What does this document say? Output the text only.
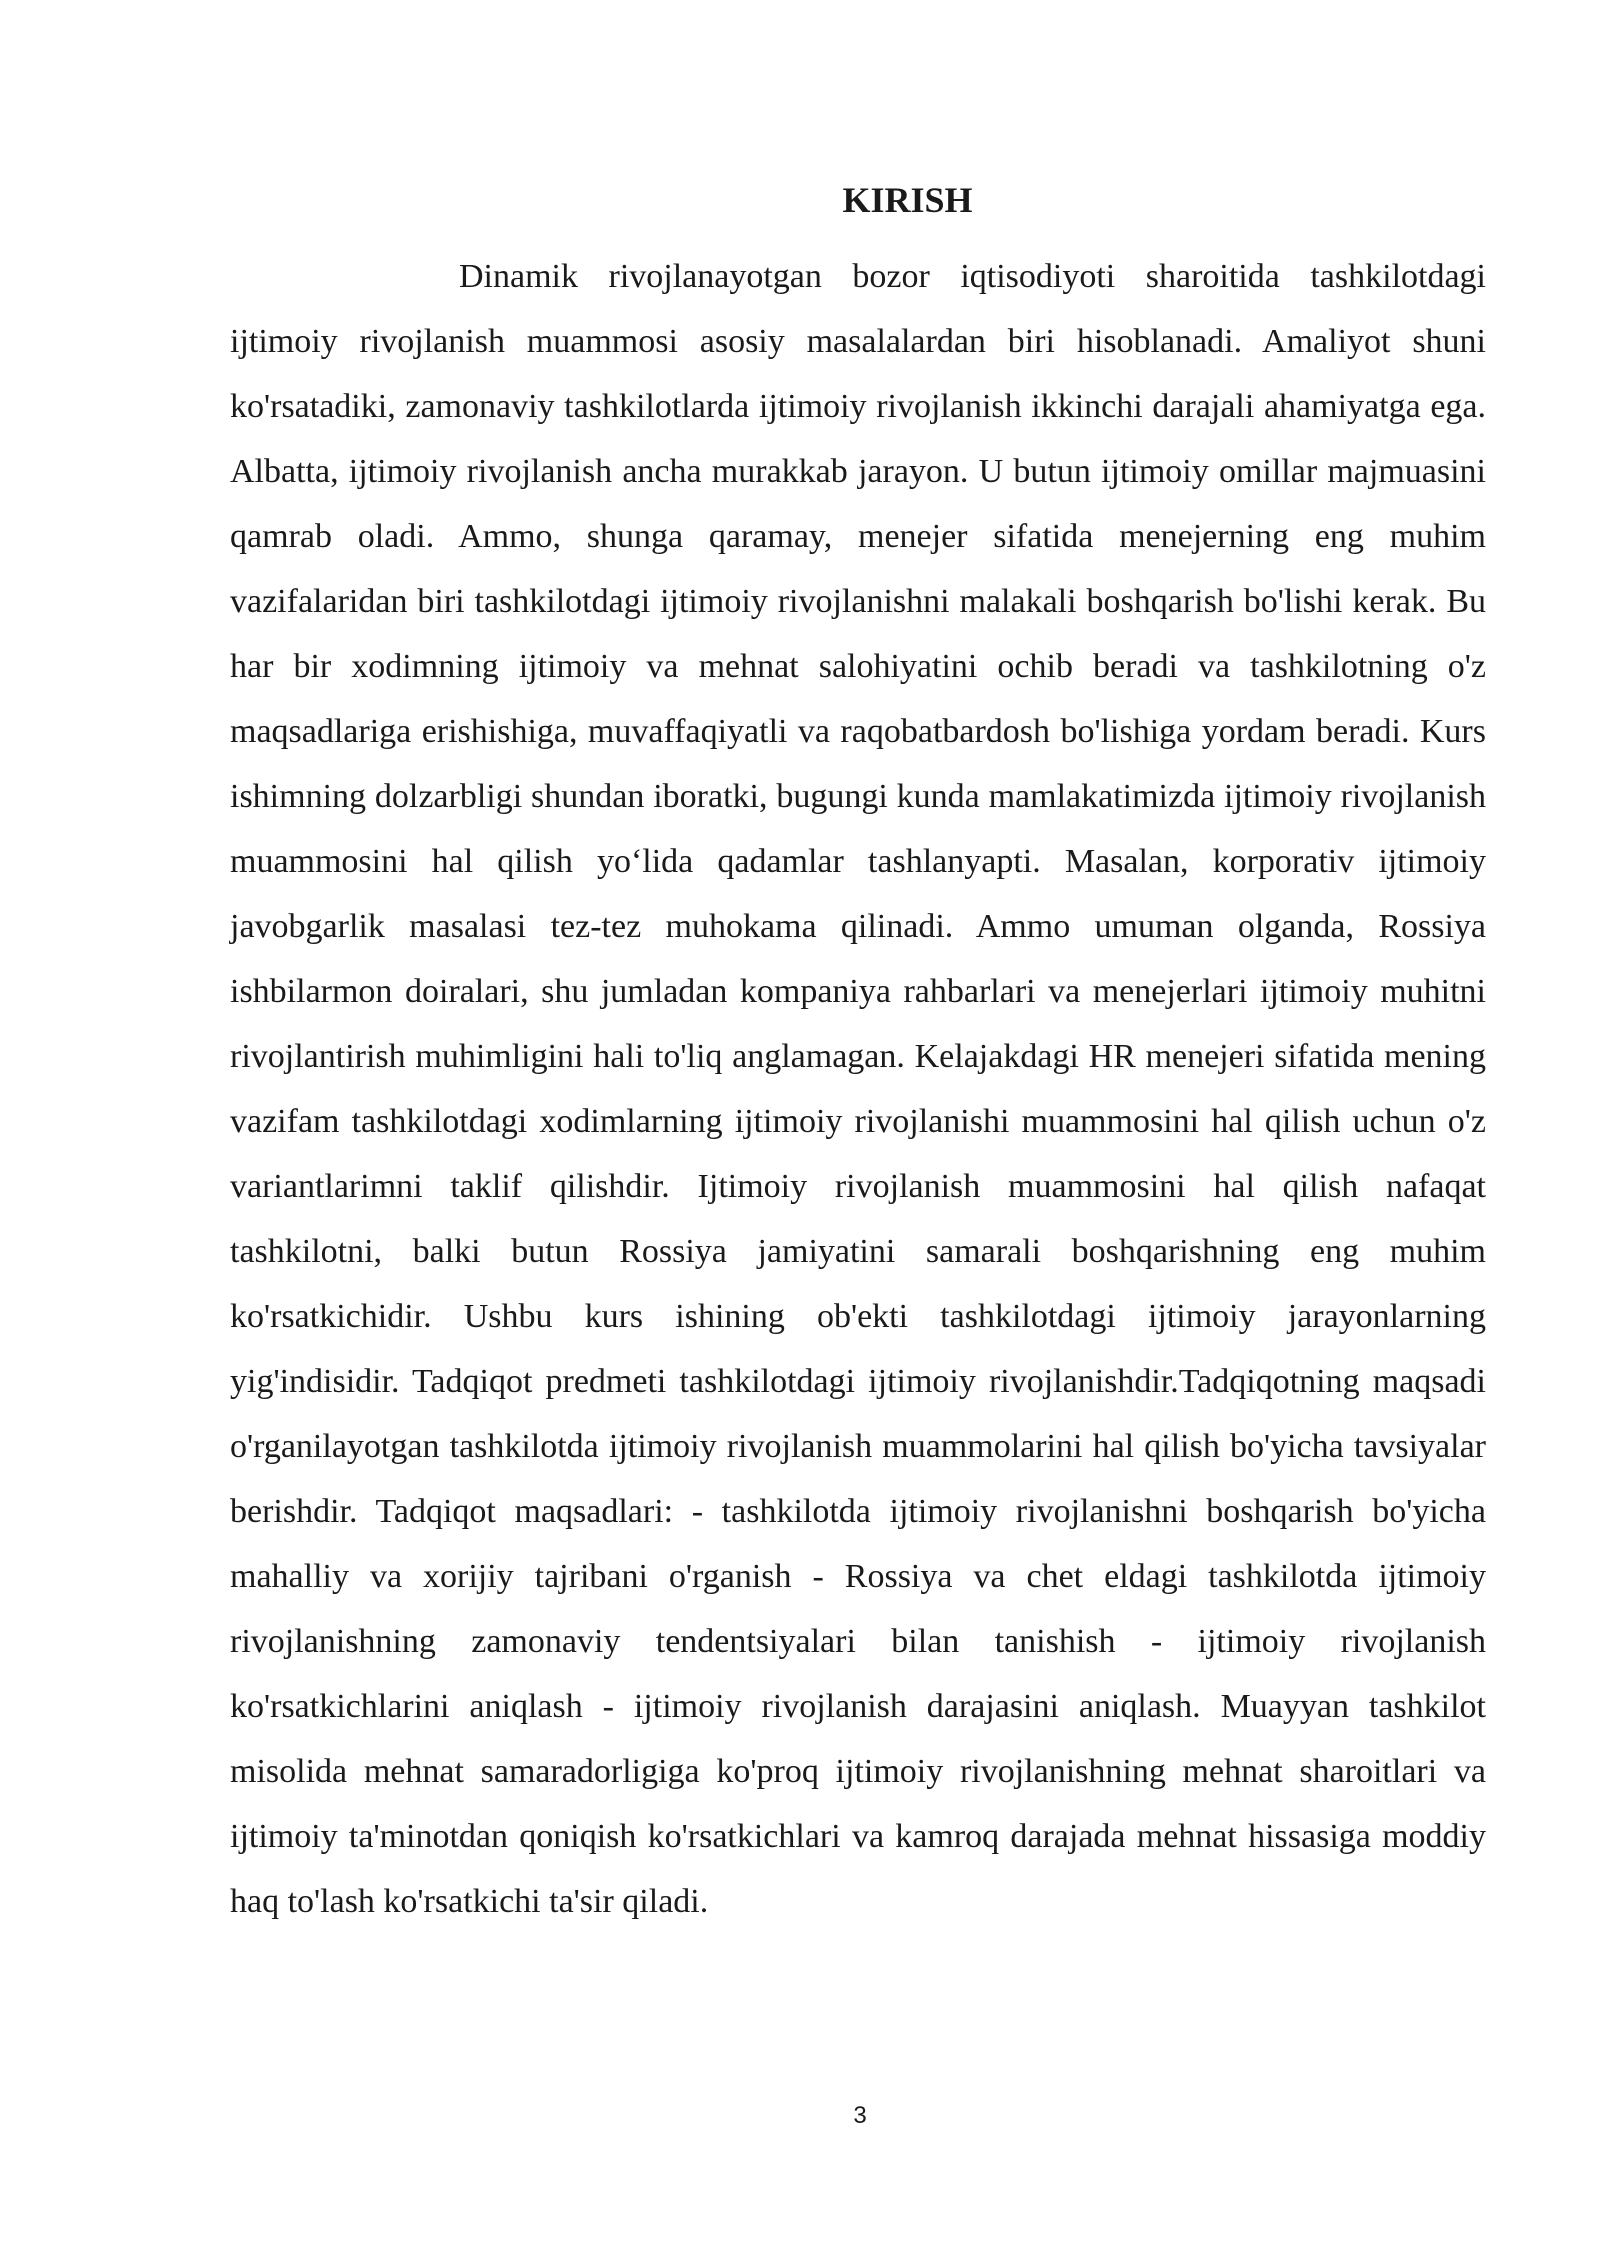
KIRISH

Dinamik rivojlanayotgan bozor iqtisodiyoti sharoitida tashkilotdagi ijtimoiy rivojlanish muammosi asosiy masalalardan biri hisoblanadi. Amaliyot shuni ko'rsatadiki, zamonaviy tashkilotlarda ijtimoiy rivojlanish ikkinchi darajali ahamiyatga ega. Albatta, ijtimoiy rivojlanish ancha murakkab jarayon. U butun ijtimoiy omillar majmuasini qamrab oladi. Ammo, shunga qaramay, menejer sifatida menejerning eng muhim vazifalaridan biri tashkilotdagi ijtimoiy rivojlanishni malakali boshqarish bo'lishi kerak. Bu har bir xodimning ijtimoiy va mehnat salohiyatini ochib beradi va tashkilotning o'z maqsadlariga erishishiga, muvaffaqiyatli va raqobatbardosh bo'lishiga yordam beradi. Kurs ishimning dolzarbligi shundan iboratki, bugungi kunda mamlakatimizda ijtimoiy rivojlanish muammosini hal qilish yo‘lida qadamlar tashlanyapti. Masalan, korporativ ijtimoiy javobgarlik masalasi tez-tez muhokama qilinadi. Ammo umuman olganda, Rossiya ishbilarmon doiralari, shu jumladan kompaniya rahbarlari va menejerlari ijtimoiy muhitni rivojlantirish muhimligini hali to'liq anglamagan. Kelajakdagi HR menejeri sifatida mening vazifam tashkilotdagi xodimlarning ijtimoiy rivojlanishi muammosini hal qilish uchun o'z variantlarimni taklif qilishdir. Ijtimoiy rivojlanish muammosini hal qilish nafaqat tashkilotni, balki butun Rossiya jamiyatini samarali boshqarishning eng muhim ko'rsatkichidir. Ushbu kurs ishining ob'ekti tashkilotdagi ijtimoiy jarayonlarning yig'indisidir. Tadqiqot predmeti tashkilotdagi ijtimoiy rivojlanishdir.Tadqiqotning maqsadi o'rganilayotgan tashkilotda ijtimoiy rivojlanish muammolarini hal qilish bo'yicha tavsiyalar berishdir. Tadqiqot maqsadlari: - tashkilotda ijtimoiy rivojlanishni boshqarish bo'yicha mahalliy va xorijiy tajribani o'rganish - Rossiya va chet eldagi tashkilotda ijtimoiy rivojlanishning zamonaviy tendentsiyalari bilan tanishish - ijtimoiy rivojlanish ko'rsatkichlarini aniqlash - ijtimoiy rivojlanish darajasini aniqlash. Muayyan tashkilot misolida mehnat samaradorligiga ko'proq ijtimoiy rivojlanishning mehnat sharoitlari va ijtimoiy ta'minotdan qoniqish ko'rsatkichlari va kamroq darajada mehnat hissasiga moddiy haq to'lash ko'rsatkichi ta'sir qiladi.

3
